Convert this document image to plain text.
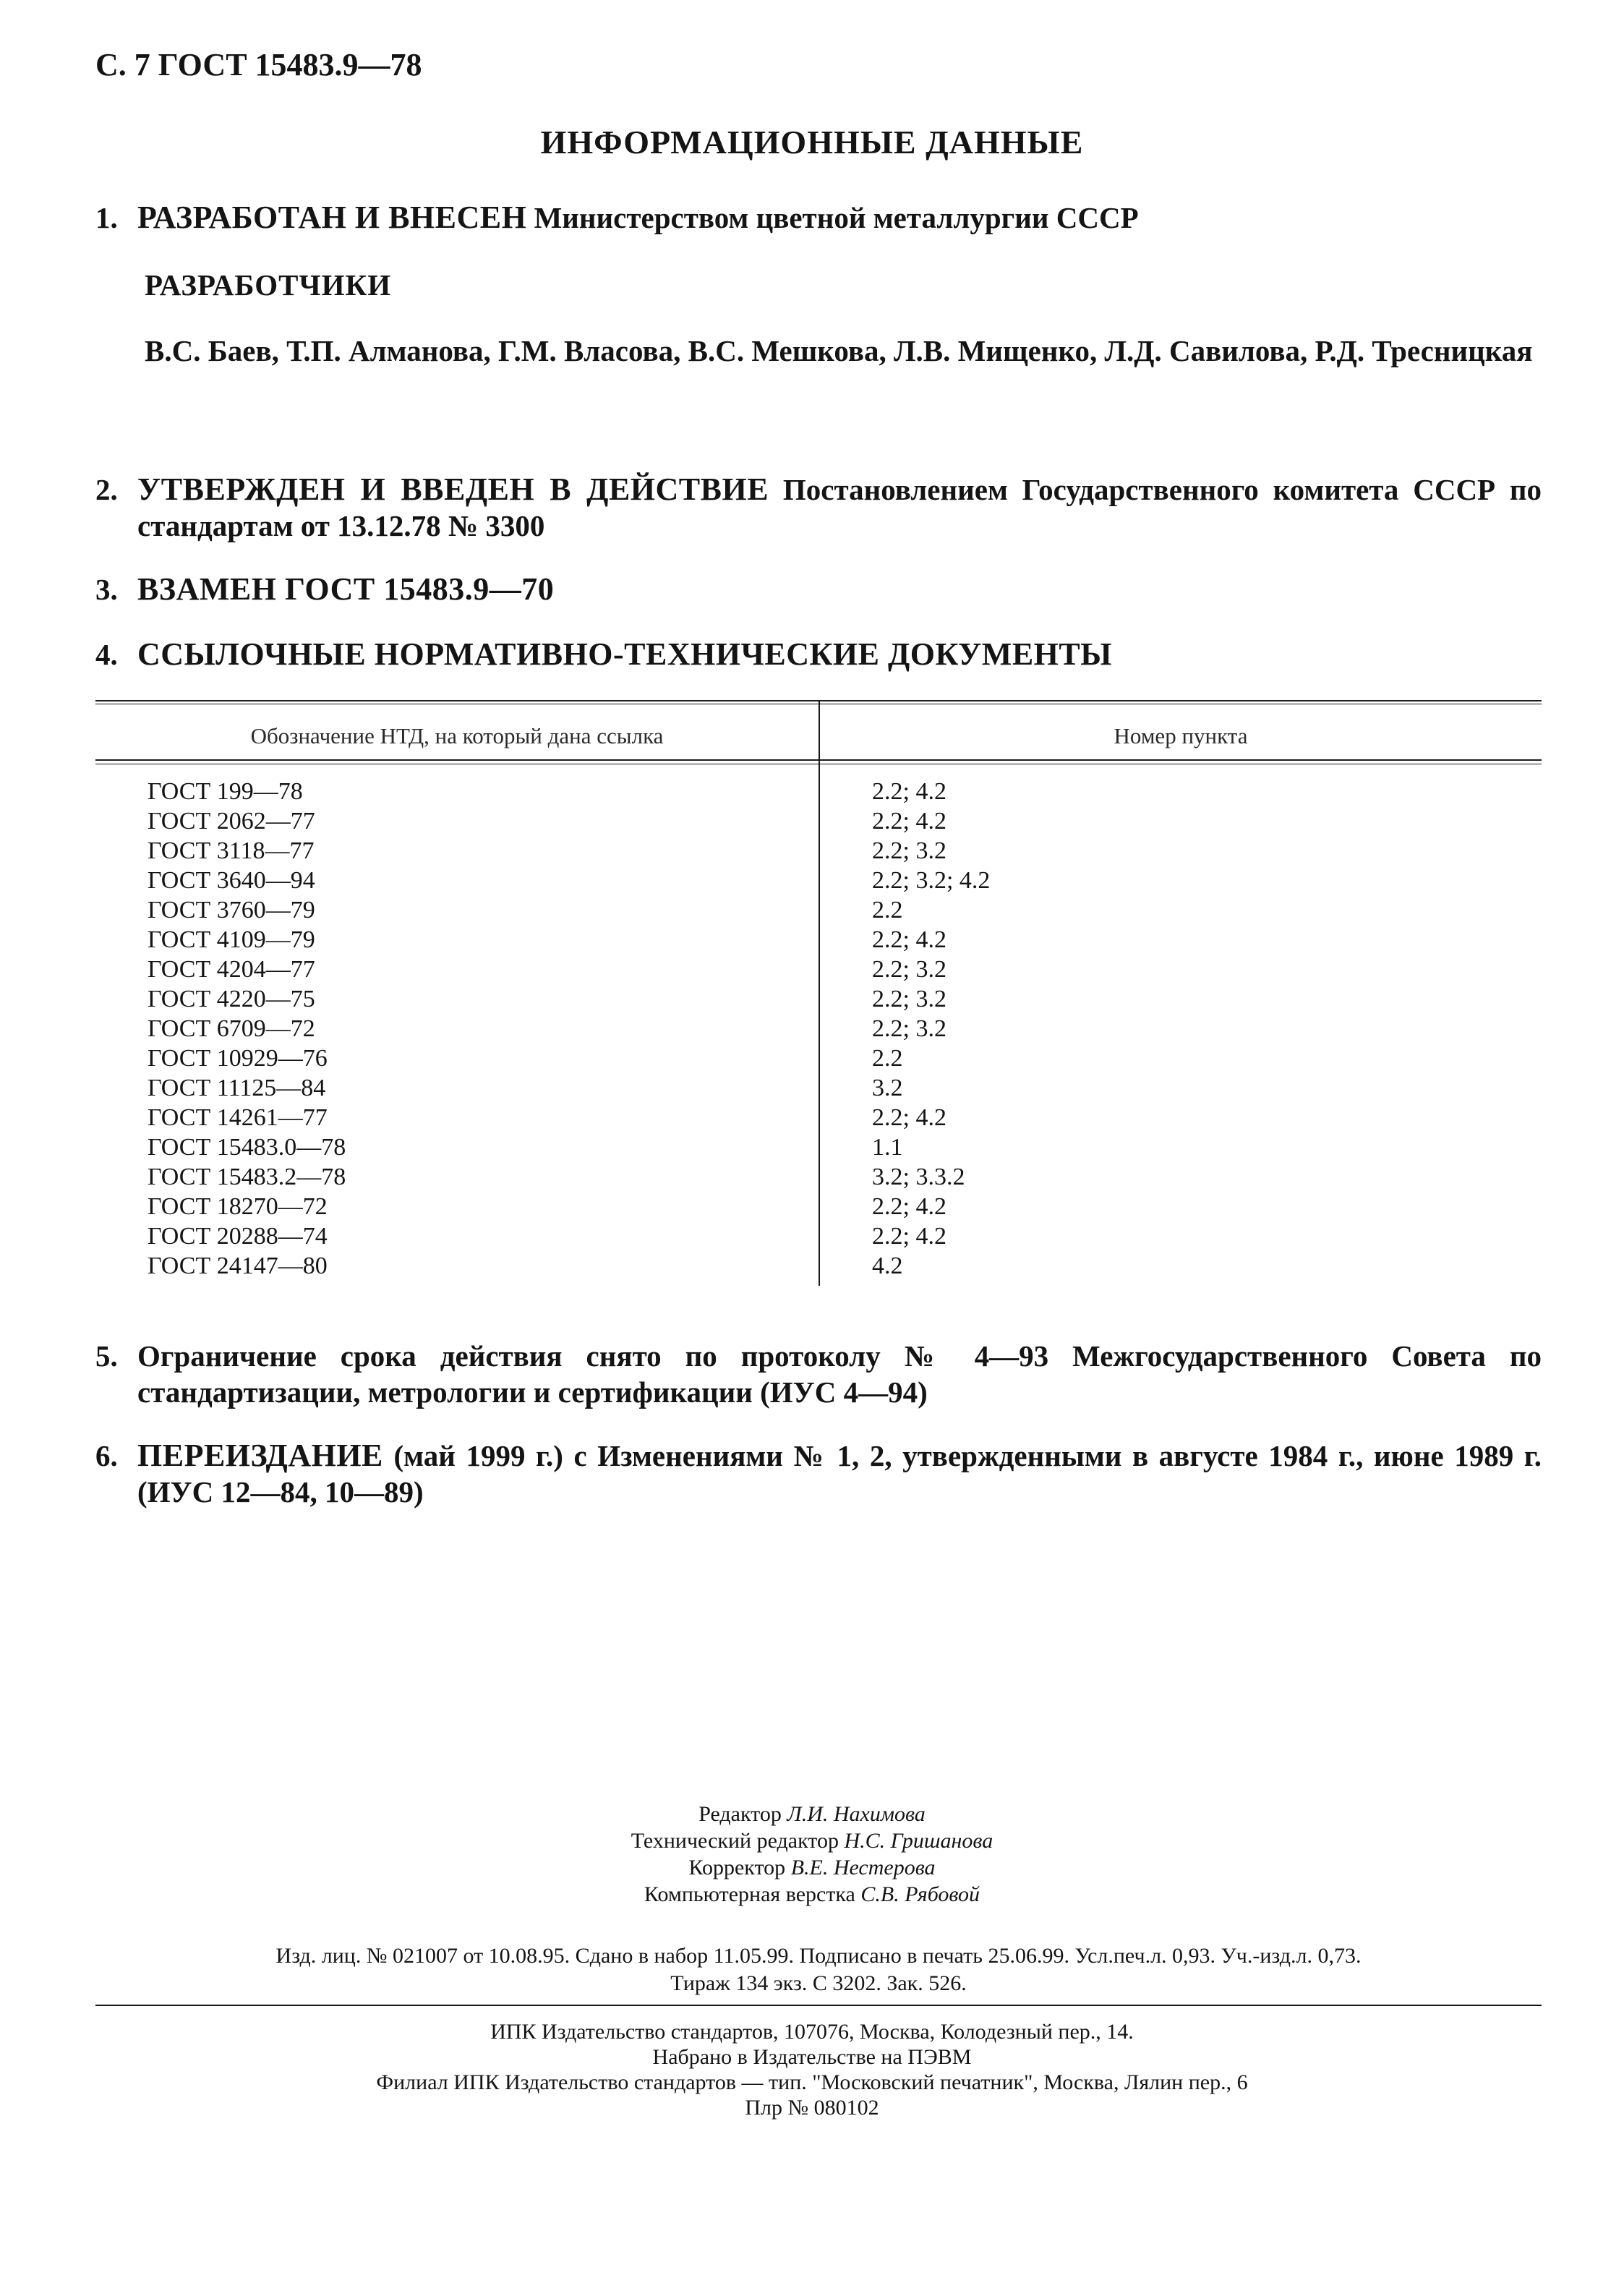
С. 7 ГОСТ 15483.9—78
ИНФОРМАЦИОННЫЕ ДАННЫЕ
1. РАЗРАБОТАН И ВНЕСЕН Министерством цветной металлургии СССР
РАЗРАБОТЧИКИ
В.С. Баев, Т.П. Алманова, Г.М. Власова, В.С. Мешкова, Л.В. Мищенко, Л.Д. Савилова, Р.Д. Тресницкая
2. УТВЕРЖДЕН И ВВЕДЕН В ДЕЙСТВИЕ Постановлением Государственного комитета СССР по стандартам от 13.12.78 № 3300
3. ВЗАМЕН ГОСТ 15483.9—70
4. ССЫЛОЧНЫЕ НОРМАТИВНО-ТЕХНИЧЕСКИЕ ДОКУМЕНТЫ
Обозначение НТД, на который дана ссылка	Номер пункта
ГОСТ 199—78
ГОСТ 2062—77
ГОСТ 3118—77
ГОСТ 3640—94
ГОСТ 3760—79
ГОСТ 4109—79
ГОСТ 4204—77
ГОСТ 4220—75
ГОСТ 6709—72
ГОСТ 10929—76
ГОСТ 11125—84
ГОСТ 14261—77
ГОСТ 15483.0—78
ГОСТ 15483.2—78
ГОСТ 18270—72
ГОСТ 20288—74
ГОСТ 24147—80
2.2; 4.2
2.2; 4.2
2.2; 3.2
2.2; 3.2; 4.2
2.2
2.2; 4.2
2.2; 3.2
2.2; 3.2
2.2; 3.2
2.2
3.2
2.2; 4.2
1.1
3.2; 3.3.2
2.2; 4.2
2.2; 4.2
4.2
5. Ограничение срока действия снято по протоколу № 4—93 Межгосударственного Совета по стандартизации, метрологии и сертификации (ИУС 4—94)
6. ПЕРЕИЗДАНИЕ (май 1999 г.) с Изменениями № 1, 2, утвержденными в августе 1984 г., июне 1989 г. (ИУС 12—84, 10—89)
Редактор Л.И. Нахимова
Технический редактор Н.С. Гришанова
Корректор В.Е. Нестерова
Компьютерная верстка С.В. Рябовой
Изд. лиц. № 021007 от 10.08.95. Сдано в набор 11.05.99. Подписано в печать 25.06.99. Усл.печ.л. 0,93. Уч.-изд.л. 0,73.
Тираж 134 экз. С 3202. Зак. 526.
ИПК Издательство стандартов, 107076, Москва, Колодезный пер., 14.
Набрано в Издательстве на ПЭВМ
Филиал ИПК Издательство стандартов — тип. "Московский печатник", Москва, Лялин пер., 6
Плр № 080102
